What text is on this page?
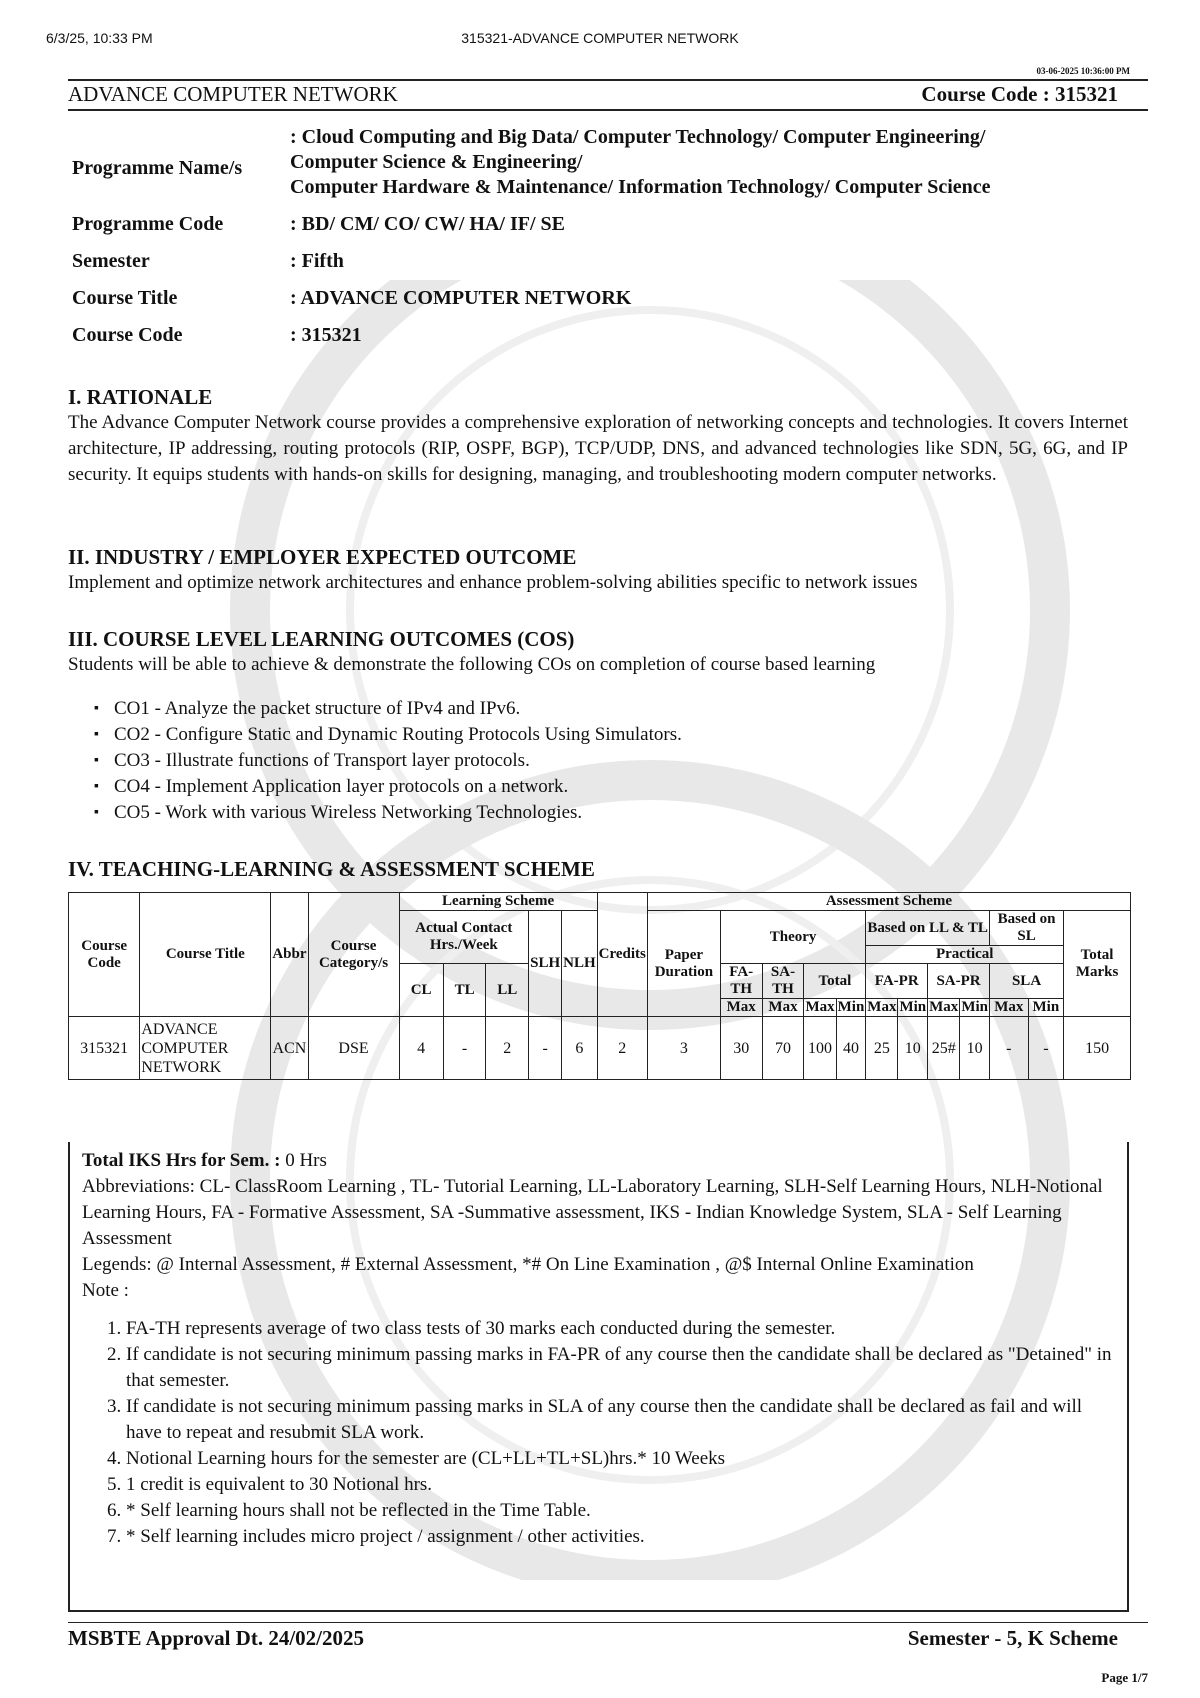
6/3/25, 10:33 PM	315321-ADVANCE COMPUTER NETWORK
03-06-2025 10:36:00 PM
ADVANCE COMPUTER NETWORK	Course Code : 315321
Programme Name/s	: Cloud Computing and Big Data/ Computer Technology/ Computer Engineering/
Computer Science & Engineering/
Computer Hardware & Maintenance/ Information Technology/ Computer Science

Programme Code	: BD/ CM/ CO/ CW/ HA/ IF/ SE
Semester	: Fifth
Course Title	: ADVANCE COMPUTER NETWORK
Course Code	: 315321
I. RATIONALE

The Advance Computer Network course provides a comprehensive exploration of networking concepts and technologies. It covers Internet architecture, IP addressing, routing protocols (RIP, OSPF, BGP), TCP/UDP, DNS, and advanced technologies like SDN, 5G, 6G, and IP security. It equips students with hands-on skills for designing, managing, and troubleshooting modern computer networks.

II. INDUSTRY / EMPLOYER EXPECTED OUTCOME

Implement and optimize network architectures and enhance problem-solving abilities specific to network issues

III. COURSE LEVEL LEARNING OUTCOMES (COS)

Students will be able to achieve & demonstrate the following COs on completion of course based learning

▪ CO1 - Analyze the packet structure of IPv4 and IPv6.
▪ CO2 - Configure Static and Dynamic Routing Protocols Using Simulators.
▪ CO3 - Illustrate functions of Transport layer protocols.
▪ CO4 - Implement Application layer protocols on a network.
▪ CO5 - Work with various Wireless Networking Technologies.
IV. TEACHING-LEARNING & ASSESSMENT SCHEME
Course Code	Course Title	Abbr	Course Category/s	Learning Scheme					Credits	Assessment Scheme											
				Actual Contact Hrs./Week			SLH	NLH		Paper Duration	Theory				Based on LL & TL				Based on SL		Total Marks
															Practical						
				CL	TL	LL					FA-TH	SA-TH	Total		FA-PR		SA-PR		SLA		
											Max	Max	Max	Min	Max	Min	Max	Min	Max	Min	
315321	ADVANCE COMPUTER NETWORK	ACN	DSE	4	-	2	-	6	2	3	30	70	100	40	25	10	25#	10	-	-	150
Total IKS Hrs for Sem. : 0 Hrs
Abbreviations: CL- ClassRoom Learning , TL- Tutorial Learning, LL-Laboratory Learning, SLH-Self Learning Hours, NLH-Notional Learning Hours, FA - Formative Assessment, SA -Summative assessment, IKS - Indian Knowledge System, SLA - Self Learning Assessment
Legends: @ Internal Assessment, # External Assessment, *# On Line Examination , @$ Internal Online Examination
Note :
1. FA-TH represents average of two class tests of 30 marks each conducted during the semester.
2. If candidate is not securing minimum passing marks in FA-PR of any course then the candidate shall be declared as "Detained" in that semester.
3. If candidate is not securing minimum passing marks in SLA of any course then the candidate shall be declared as fail and will have to repeat and resubmit SLA work.
4. Notional Learning hours for the semester are (CL+LL+TL+SL)hrs.* 10 Weeks
5. 1 credit is equivalent to 30 Notional hrs.
6. * Self learning hours shall not be reflected in the Time Table.
7. * Self learning includes micro project / assignment / other activities.
MSBTE Approval Dt. 24/02/2025	Semester - 5, K Scheme
Page 1/7
